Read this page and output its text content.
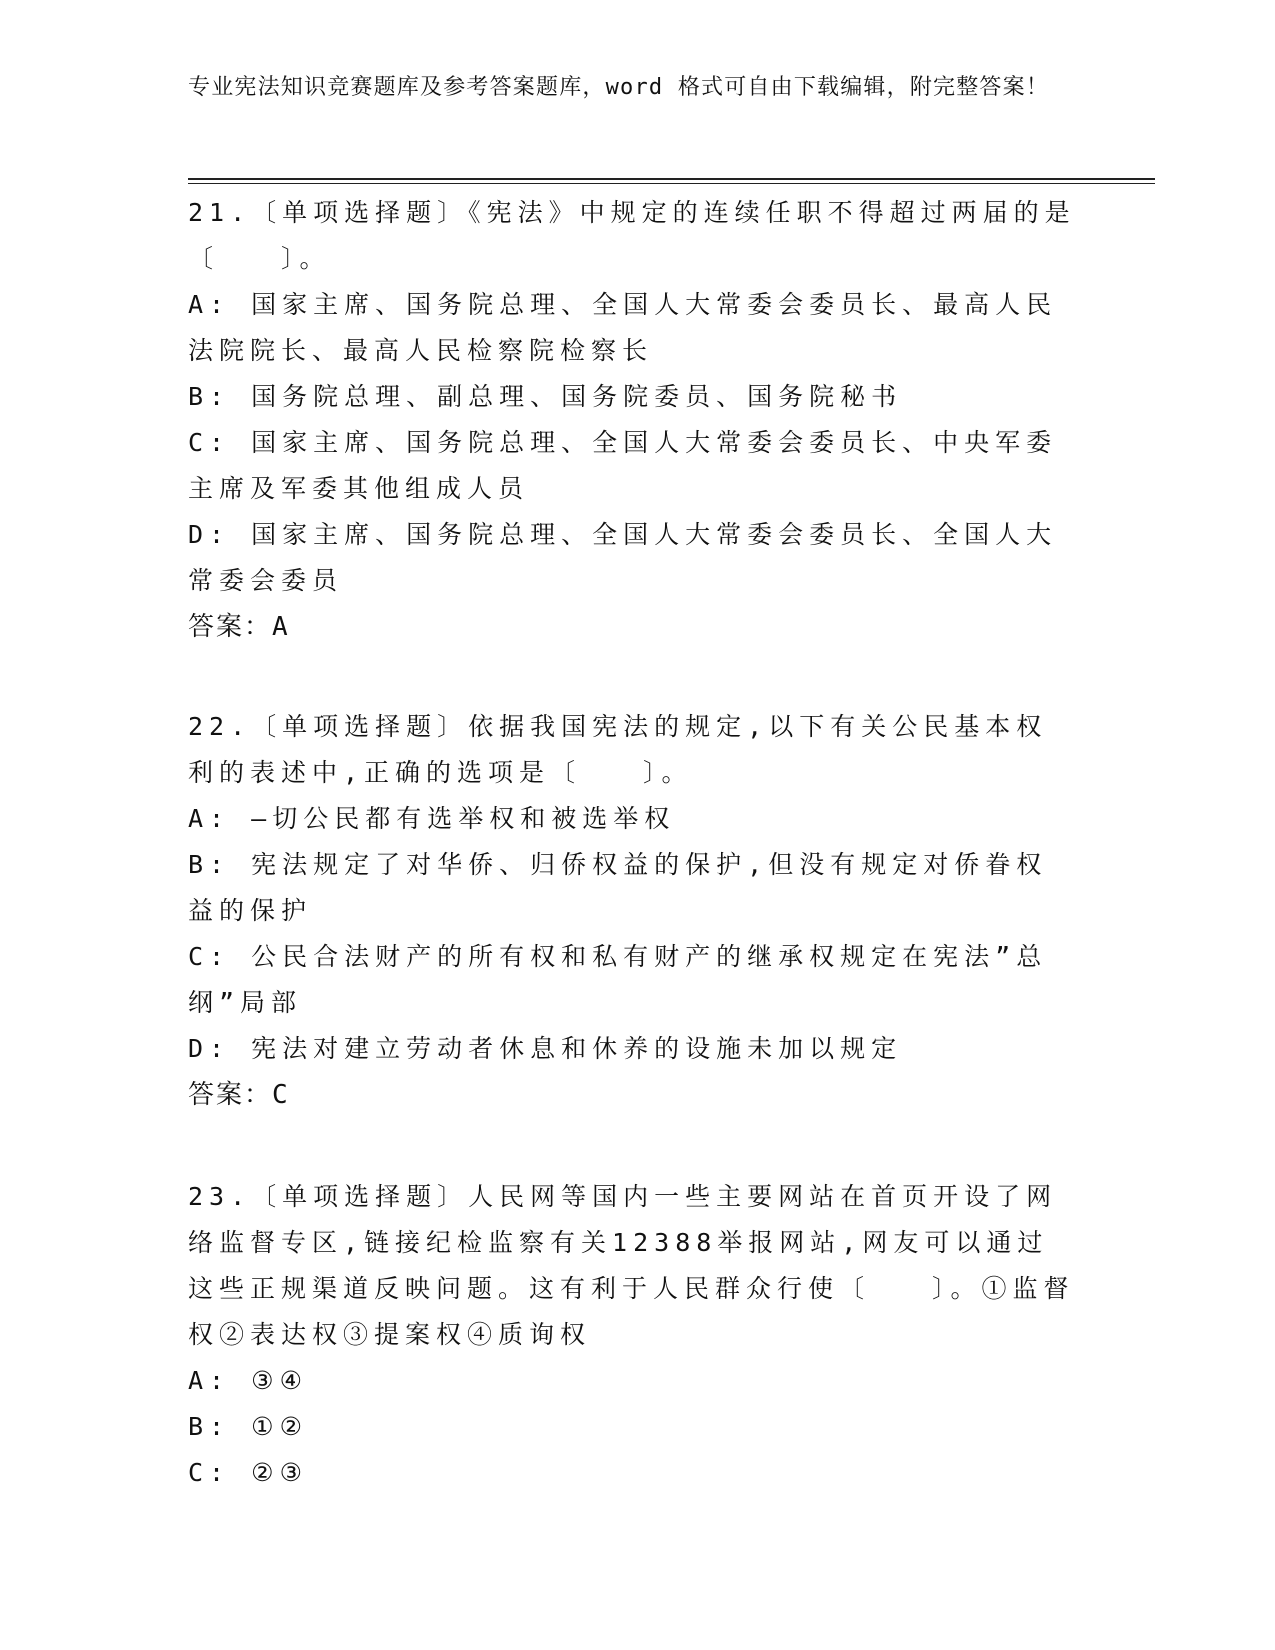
专业宪法知识竞赛题库及参考答案题库，word 格式可自由下载编辑，附完整答案！
21.〔单项选择题〕《宪法》中规定的连续任职不得超过两届的是〔　　〕。
A: 国家主席、国务院总理、全国人大常委会委员长、最高人民法院院长、最高人民检察院检察长
B: 国务院总理、副总理、国务院委员、国务院秘书
C: 国家主席、国务院总理、全国人大常委会委员长、中央军委主席及军委其他组成人员
D: 国家主席、国务院总理、全国人大常委会委员长、全国人大常委会委员
答案：A
22.〔单项选择题〕依据我国宪法的规定,以下有关公民基本权利的表述中,正确的选项是〔　　〕。
A: —切公民都有选举权和被选举权
B: 宪法规定了对华侨、归侨权益的保护,但没有规定对侨眷权益的保护
C: 公民合法财产的所有权和私有财产的继承权规定在宪法”总纲”局部
D: 宪法对建立劳动者休息和休养的设施未加以规定
答案：C
23.〔单项选择题〕人民网等国内一些主要网站在首页开设了网络监督专区,链接纪检监察有关12388举报网站,网友可以通过这些正规渠道反映问题。这有利于人民群众行使〔　　〕。①监督权②表达权③提案权④质询权
A: ③④
B: ①②
C: ②③
